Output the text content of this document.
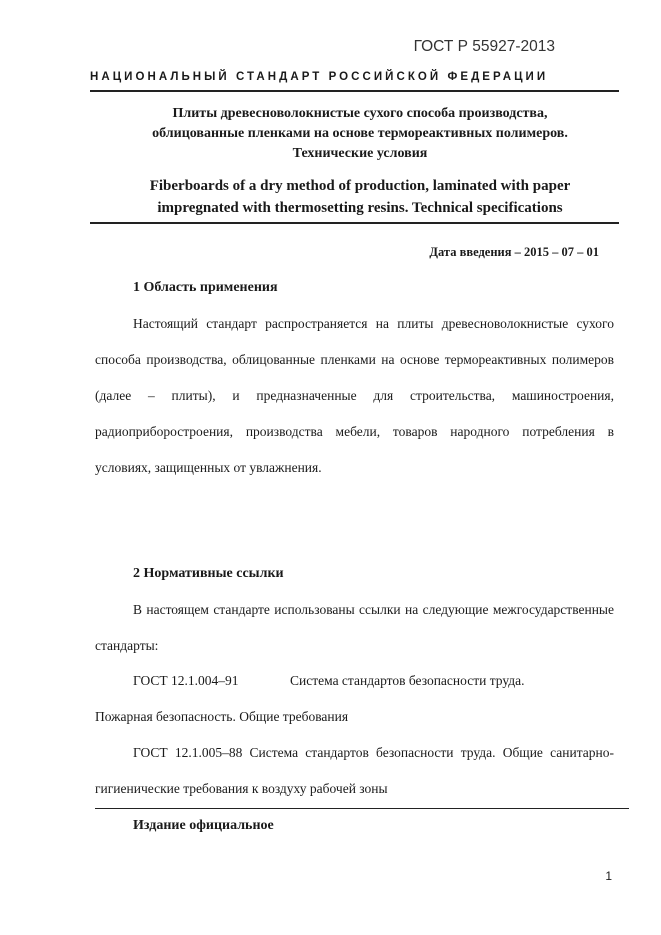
ГОСТ Р 55927-2013
НАЦИОНАЛЬНЫЙ СТАНДАРТ РОССИЙСКОЙ ФЕДЕРАЦИИ
Плиты древесноволокнистые сухого способа производства,
облицованные пленками на основе термореактивных полимеров.
Технические условия
Fiberboards of a dry method of production, laminated with paper
impregnated with thermosetting resins. Technical specifications
Дата введения – 2015 – 07 – 01
1 Область применения
Настоящий стандарт распространяется на плиты древесноволокнистые сухого способа производства, облицованные пленками на основе термореактивных полимеров (далее – плиты), и предназначенные для строительства, машиностроения, радиоприборостроения, производства мебели, товаров народного потребления в условиях, защищенных от увлажнения.
2 Нормативные ссылки
В настоящем стандарте использованы ссылки на следующие межгосударственные стандарты:
ГОСТ 12.1.004–91	Система стандартов безопасности труда.
Пожарная безопасность. Общие требования
ГОСТ 12.1.005–88 Система стандартов безопасности труда. Общие санитарно-гигиенические требования к воздуху рабочей зоны
Издание официальное
1
